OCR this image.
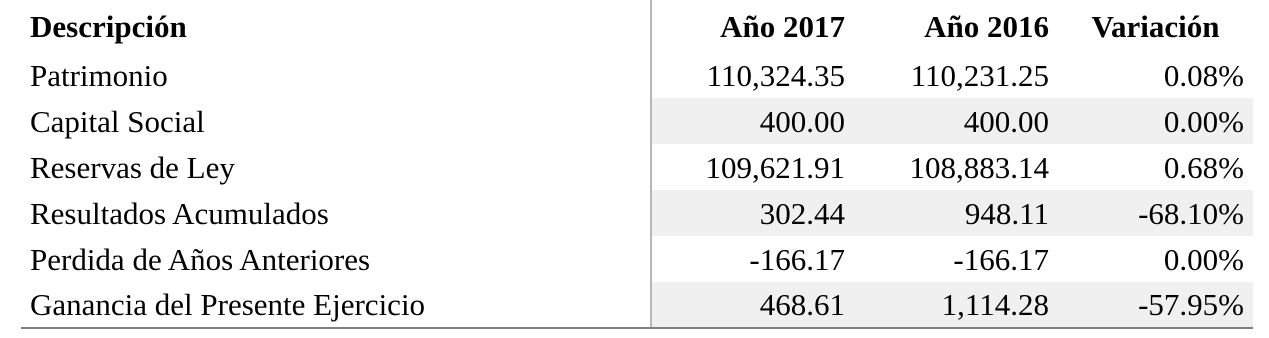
Descripción	Año 2017	Año 2016	Variación
Patrimonio	110,324.35	110,231.25	0.08%
Capital Social	400.00	400.00	0.00%
Reservas de Ley	109,621.91	108,883.14	0.68%
Resultados Acumulados	302.44	948.11	-68.10%
Perdida de Años Anteriores	-166.17	-166.17	0.00%
Ganancia del Presente Ejercicio	468.61	1,114.28	-57.95%
